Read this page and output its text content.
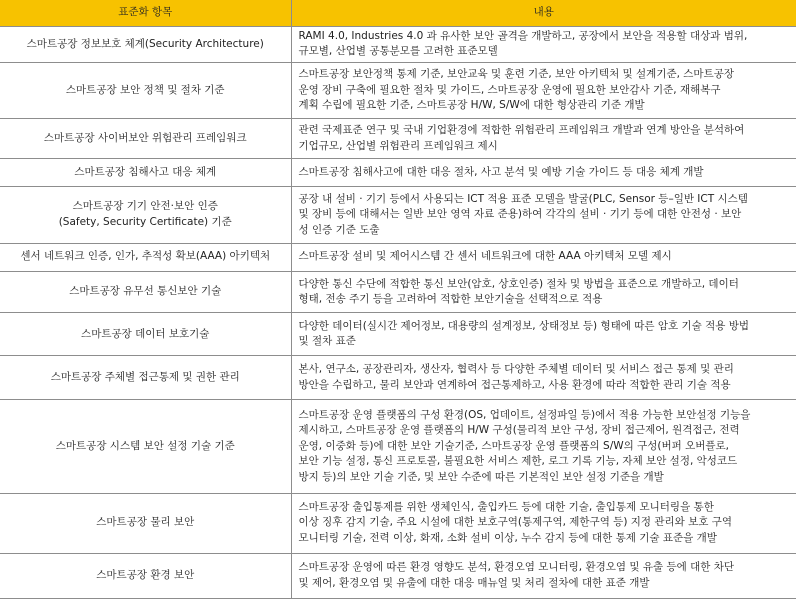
표준화 항목	내용
스마트공장 정보보호 체계(Security Architecture)	RAMI 4.0, Industries 4.0 과 유사한 보안 골격을 개발하고, 공장에서 보안을 적용할 대상과 범위,
규모별, 산업별 공통분모를 고려한 표준모델
스마트공장 보안 정책 및 절차 기준	스마트공장 보안정책 통제 기준, 보안교육 및 훈련 기준, 보안 아키텍처 및 설계기준, 스마트공장
운영 장비 구축에 필요한 절차 및 가이드, 스마트공장 운영에 필요한 보안감사 기준, 재해복구
계획 수립에 필요한 기준, 스마트공장 H/W, S/W에 대한 형상관리 기준 개발
스마트공장 사이버보안 위험관리 프레임워크	관련 국제표준 연구 및 국내 기업환경에 적합한 위험관리 프레임워크 개발과 연계 방안을 분석하여
기업규모, 산업별 위험관리 프레임워크 제시
스마트공장 침해사고 대응 체계	스마트공장 침해사고에 대한 대응 절차, 사고 분석 및 예방 기술 가이드 등 대응 체계 개발
스마트공장 기기 안전·보안 인증
(Safety, Security Certificate) 기준	공장 내 설비 · 기기 등에서 사용되는 ICT 적용 표준 모델을 발굴(PLC, Sensor 등–일반 ICT 시스템
및 장비 등에 대해서는 일반 보안 영역 자료 준용)하여 각각의 설비 · 기기 등에 대한 안전성 · 보안
성 인증 기준 도출
센서 네트워크 인증, 인가, 추적성 확보(AAA) 아키텍처	스마트공장 설비 및 제어시스템 간 센서 네트워크에 대한 AAA 아키텍처 모델 제시
스마트공장 유무선 통신보안 기술	다양한 통신 수단에 적합한 통신 보안(암호, 상호인증) 절차 및 방법을 표준으로 개발하고, 데이터
형태, 전송 주기 등을 고려하여 적합한 보안기술을 선택적으로 적용
스마트공장 데이터 보호기술	다양한 데이터(실시간 제어정보, 대용량의 설계정보, 상태정보 등) 형태에 따른 암호 기술 적용 방법
및 절차 표준
스마트공장 주체별 접근통제 및 권한 관리	본사, 연구소, 공장관리자, 생산자, 협력사 등 다양한 주체별 데이터 및 서비스 접근 통제 및 관리
방안을 수립하고, 물리 보안과 연계하여 접근통제하고, 사용 환경에 따라 적합한 관리 기술 적용
스마트공장 시스템 보안 설정 기술 기준	스마트공장 운영 플랫폼의 구성 환경(OS, 업데이트, 설정파일 등)에서 적용 가능한 보안설정 기능을
제시하고, 스마트공장 운영 플랫폼의 H/W 구성(물리적 보안 구성, 장비 접근제어, 원격접근, 전력
운영, 이중화 등)에 대한 보안 기술기준, 스마트공장 운영 플랫폼의 S/W의 구성(버퍼 오버플로,
보안 기능 설정, 통신 프로토콜, 불필요한 서비스 제한, 로그 기록 기능, 자체 보안 설정, 악성코드
방지 등)의 보안 기술 기준, 및 보안 수준에 따른 기본적인 보안 설정 기준을 개발
스마트공장 물리 보안	스마트공장 출입통제를 위한 생체인식, 출입카드 등에 대한 기술, 출입통제 모니터링을 통한
이상 징후 감지 기술, 주요 시설에 대한 보호구역(통제구역, 제한구역 등) 지정 관리와 보호 구역
모니터링 기술, 전력 이상, 화재, 소화 설비 이상, 누수 감지 등에 대한 통제 기술 표준을 개발
스마트공장 환경 보안	스마트공장 운영에 따른 환경 영향도 분석, 환경오염 모니터링, 환경오염 및 유출 등에 대한 차단
및 제어, 환경오염 및 유출에 대한 대응 매뉴얼 및 처리 절차에 대한 표준 개발
